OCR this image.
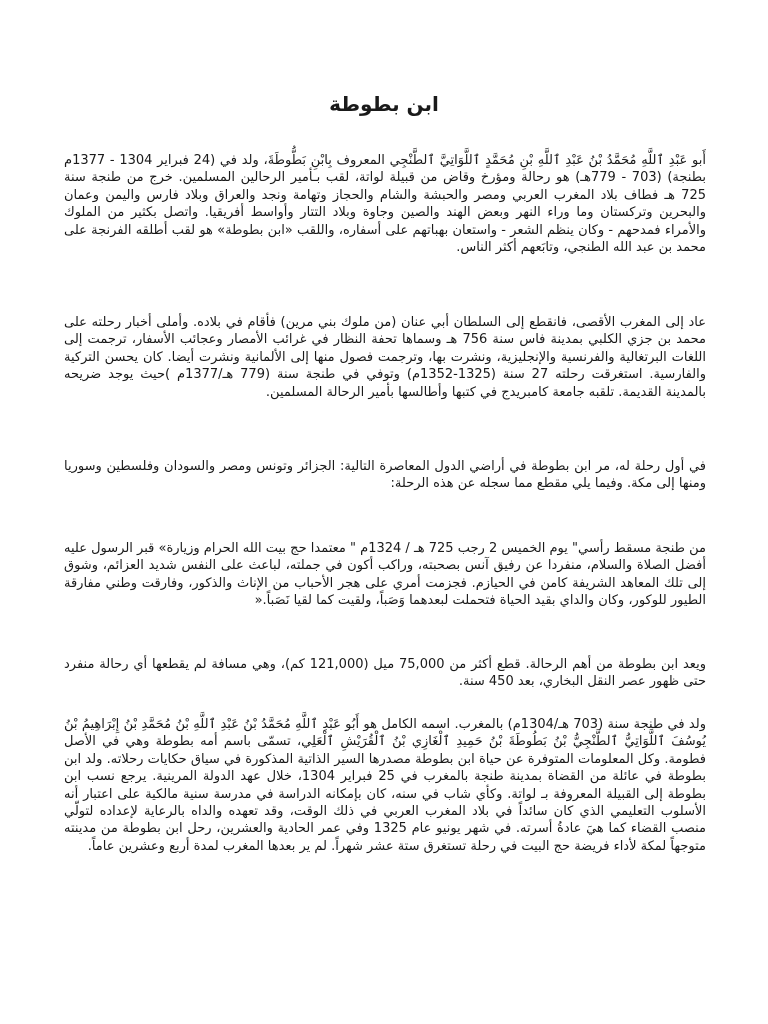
ابن بطوطة

أَبو عَبْدِ ٱللَّهِ مُحَمَّدُ بْنُ عَبْدِ ٱللَّهِ بْنِ مُحَمَّدٍ ٱللَّوَاتِيَّ ٱلطَّنْجِي المعروف بِابْنِ بَطُّوطَةَ، ولد في (24 فبراير 1304 - 1377م بطنجة) (703 - 779هـ) هو رحالة ومؤرخ وقاض من قبيلة لواتة، لقب بـأمير الرحالين المسلمين. خرج من طنجة سنة 725 هـ فطاف بلاد المغرب العربي ومصر والحبشة والشام والحجاز وتهامة ونجد والعراق وبلاد فارس واليمن وعمان والبحرين وتركستان وما وراء النهر وبعض الهند والصين وجاوة وبلاد التتار وأواسط أفريقيا. واتصل بكثير من الملوك والأمراء فمدحهم - وكان ينظم الشعر - واستعان بهباتهم على أسفاره، واللقب «ابن بطوطة» هو لقب أطلقه الفرنجة على محمد بن عبد الله الطنجي، وتابَعهم أكثر الناس.

عاد إلى المغرب الأقصى، فانقطع إلى السلطان أبي عنان (من ملوك بني مرين) فأقام في بلاده. وأملى أخبار رحلته على محمد بن جزي الكلبي بمدينة فاس سنة 756 هـ وسماها تحفة النظار في غرائب الأمصار وعجائب الأسفار، ترجمت إلى اللغات البرتغالية والفرنسية والإنجليزية، ونشرت بها، وترجمت فصول منها إلى الألمانية ونشرت أيضا. كان يحسن التركية والفارسية. استغرقت رحلته 27 سنة (1325-1352م) وتوفي في طنجة سنة (779 هـ/1377م )حيث يوجد ضريحه بالمدينة القديمة. تلقبه جامعة كامبريدج في كتبها وأطالسها بأمير الرحالة المسلمين.

في أول رحلة له، مر ابن بطوطة في أراضي الدول المعاصرة التالية: الجزائر وتونس ومصر والسودان وفلسطين وسوريا ومنها إلى مكة. وفيما يلي مقطع مما سجله عن هذه الرحلة:

من طنجة مسقط رأسي" يوم الخميس 2 رجب 725 هـ / 1324م " معتمدا حج بيت الله الحرام وزيارة» قبر الرسول عليه أفضل الصلاة والسلام، منفردا عن رفيق آنس بصحبته، وراكب أكون في جملته، لباعث على النفس شديد العزائم، وشوق إلى تلك المعاهد الشريفة كامن في الحيازم. فجزمت أمري على هجر الأحباب من الإناث والذكور، وفارقت وطني مفارقة الطيور للوكور، وكان والداي بقيد الحياة فتحملت لبعدهما وَصَباً، ولقيت كما لقيا نَصَباً.«

ويعد ابن بطوطة من أهم الرحالة. قطع أكثر من 75,000 ميل (121,000 كم)، وهي مسافة لم يقطعها أي رحالة منفرد حتى ظهور عصر النقل البخاري، بعد 450 سنة.

ولد في طنجة سنة (703 هـ/1304م) بالمغرب. اسمه الكامل هو أَبُو عَبْدِ ٱللَّهِ مُحَمَّدُ بْنُ عَبْدِ ٱللَّهِ بْنُ مُحَمَّدِ بْنُ إِبْرَاهِيمُ بْنُ يُوسُفَ ٱللَّوَاتِيُّ ٱلطَّنْجِيُّ بْنُ بَطُوطَةَ بْنُ حَمِيدِ ٱلْغَازِي بْنُ ٱلْقُرَيْشِ ٱلْعَلِي، تسمّى باسم أمه بطوطة وهي في الأصل فطومة. وكل المعلومات المتوفرة عن حياة ابن بطوطة مصدرها السير الذاتية المذكورة في سياق حكايات رحلاته. ولد ابن بطوطة في عائلة من القضاة بمدينة طنجة بالمغرب في 25 فبراير 1304، خلال عهد الدولة المرينية. يرجع نسب ابن بطوطة إلى القبيلة المعروفة بـ لواتة. وكأي شاب في سنه، كان بإمكانه الدراسة في مدرسة سنية مالكية على اعتبار أنه الأسلوب التعليمي الذي كان سائداً في بلاد المغرب العربي في ذلك الوقت، وقد تعهده والداه بالرعاية لإعداده لتولّي منصب القضاء كما هيَ عادةُ أسرته. في شهر يونيو عام 1325 وفي عمر الحادية والعشرين، رحل ابن بطوطة من مدينته متوجهاً لمكة لأداء فريضة حج البيت في رحلة تستغرق ستة عشر شهراً. لم ير بعدها المغرب لمدة أربع وعشرين عاماً.
